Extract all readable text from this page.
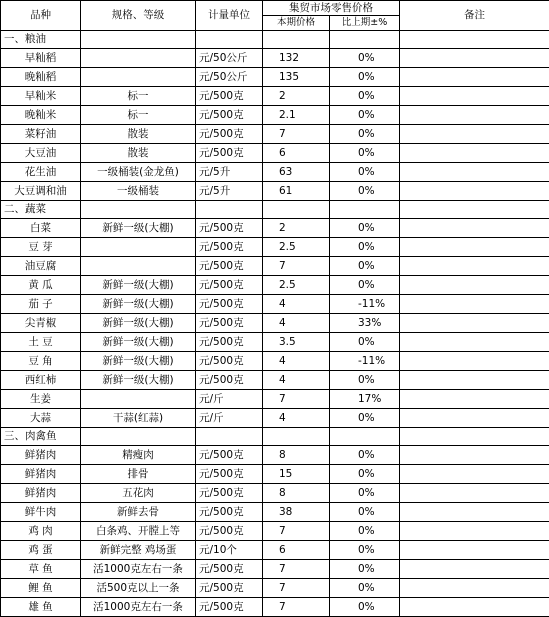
品种	规格、等级	计量单位	集贸市场零售价格		备注
			本期价格	比上期±%	
一、粮油					
早籼稻		元/50公斤	132	0%	
晚籼稻		元/50公斤	135	0%	
早籼米	标一	元/500克	2	0%	
晚籼米	标一	元/500克	2.1	0%	
菜籽油	散装	元/500克	7	0%	
大豆油	散装	元/500克	6	0%	
花生油	一级桶装(金龙鱼)	元/5升	63	0%	
大豆调和油	一级桶装	元/5升	61	0%	
二、蔬菜					
白菜	新鲜一级(大棚)	元/500克	2	0%	
豆 芽		元/500克	2.5	0%	
油豆腐		元/500克	7	0%	
黄 瓜	新鲜一级(大棚)	元/500克	2.5	0%	
茄 子	新鲜一级(大棚)	元/500克	4	-11%	
尖青椒	新鲜一级(大棚)	元/500克	4	33%	
土 豆	新鲜一级(大棚)	元/500克	3.5	0%	
豆 角	新鲜一级(大棚)	元/500克	4	-11%	
西红柿	新鲜一级(大棚)	元/500克	4	0%	
生姜		元/斤	7	17%	
大蒜	干蒜(红蒜)	元/斤	4	0%	
三、肉禽鱼					
鲜猪肉	精瘦肉	元/500克	8	0%	
鲜猪肉	排骨	元/500克	15	0%	
鲜猪肉	五花肉	元/500克	8	0%	
鲜牛肉	新鲜去骨	元/500克	38	0%	
鸡 肉	白条鸡、开膛上等	元/500克	7	0%	
鸡 蛋	新鲜完整 鸡场蛋	元/10个	6	0%	
草 鱼	活1000克左右一条	元/500克	7	0%	
鲤 鱼	活500克以上一条	元/500克	7	0%	
雄 鱼	活1000克左右一条	元/500克	7	0%	
